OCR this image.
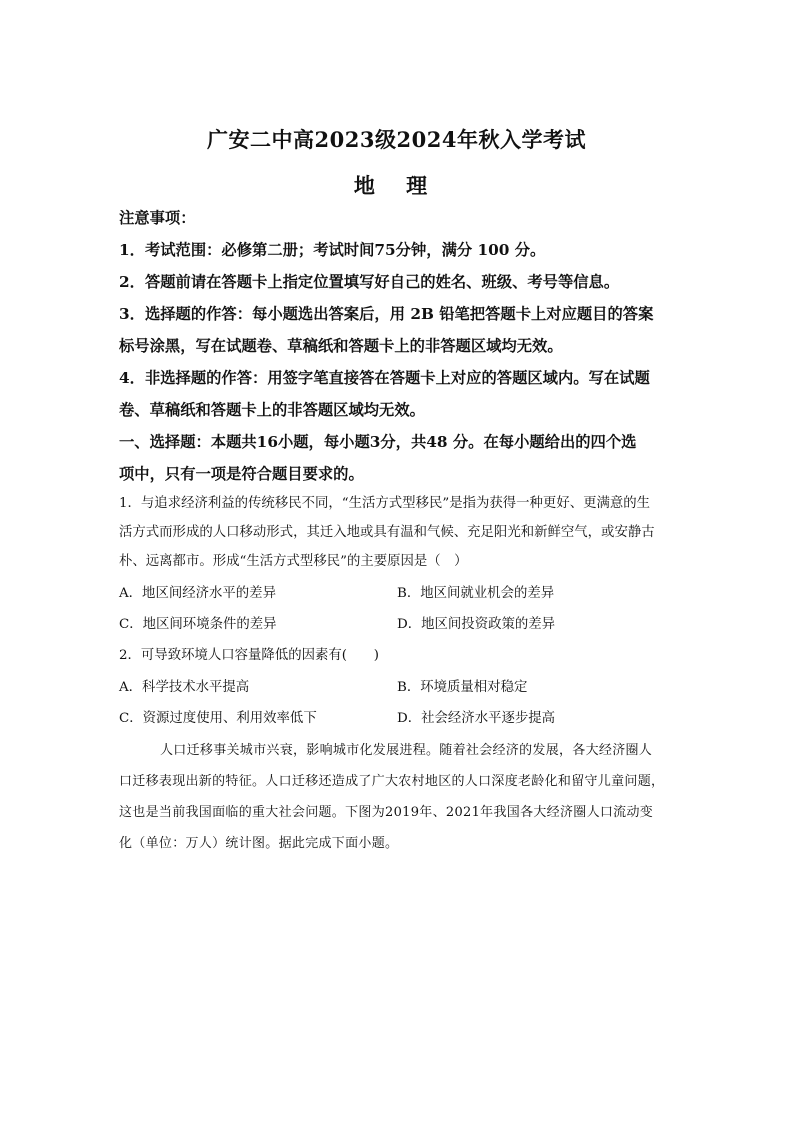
广安二中高2023级2024年秋入学考试
地 理
注意事项：
1．考试范围：必修第二册；考试时间75分钟，满分 100 分。
2．答题前请在答题卡上指定位置填写好自己的姓名、班级、考号等信息。
3．选择题的作答：每小题选出答案后，用 2B 铅笔把答题卡上对应题目的答案
标号涂黑，写在试题卷、草稿纸和答题卡上的非答题区域均无效。
4．非选择题的作答：用签字笔直接答在答题卡上对应的答题区域内。写在试题
卷、草稿纸和答题卡上的非答题区域均无效。
一、选择题：本题共16小题，每小题3分，共48 分。在每小题给出的四个选
项中，只有一项是符合题目要求的。
1．与追求经济利益的传统移民不同，“生活方式型移民”是指为获得一种更好、更满意的生
活方式而形成的人口移动形式，其迁入地或具有温和气候、充足阳光和新鲜空气，或安静古
朴、远离都市。形成“生活方式型移民”的主要原因是（　）
A．地区间经济水平的差异	B．地区间就业机会的差异
C．地区间环境条件的差异	D．地区间投资政策的差异
2．可导致环境人口容量降低的因素有(　　)
A．科学技术水平提高	B．环境质量相对稳定
C．资源过度使用、利用效率低下	D．社会经济水平逐步提高
人口迁移事关城市兴衰，影响城市化发展进程。随着社会经济的发展，各大经济圈人
口迁移表现出新的特征。人口迁移还造成了广大农村地区的人口深度老龄化和留守儿童问题，
这也是当前我国面临的重大社会问题。下图为2019年、2021年我国各大经济圈人口流动变
化（单位：万人）统计图。据此完成下面小题。
